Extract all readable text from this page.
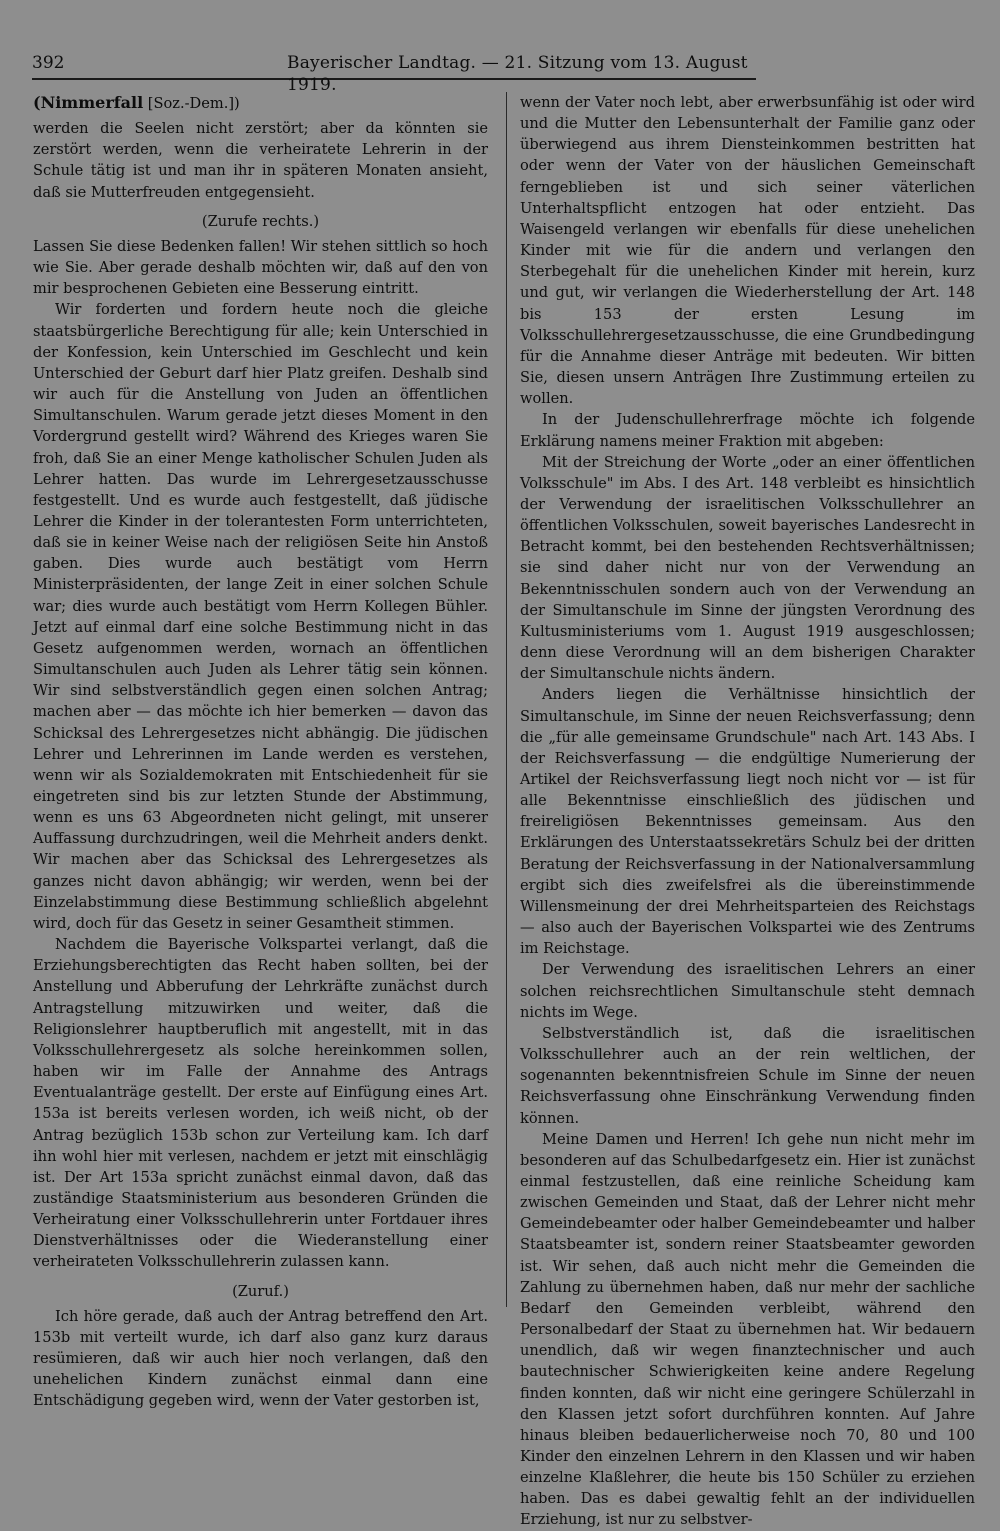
392	Bayerischer Landtag. — 21. Sitzung vom 13. August 1919.

(Nimmerfall [Soz.-Dem.])

werden die Seelen nicht zerstört; aber da könnten sie zerstört werden, wenn die verheiratete Lehrerin in der Schule tätig ist und man ihr in späteren Monaten ansieht, daß sie Mutterfreuden entgegensieht.

(Zurufe rechts.)

Lassen Sie diese Bedenken fallen! Wir stehen sittlich so hoch wie Sie. Aber gerade deshalb möchten wir, daß auf den von mir besprochenen Gebieten eine Besserung eintritt.

Wir forderten und fordern heute noch die gleiche staatsbürgerliche Berechtigung für alle; kein Unterschied in der Konfession, kein Unterschied im Geschlecht und kein Unterschied der Geburt darf hier Platz greifen. Deshalb sind wir auch für die Anstellung von Juden an öffentlichen Simultanschulen. Warum gerade jetzt dieses Moment in den Vordergrund gestellt wird? Während des Krieges waren Sie froh, daß Sie an einer Menge katholischer Schulen Juden als Lehrer hatten. Das wurde im Lehrergesetzausschusse festgestellt. Und es wurde auch festgestellt, daß jüdische Lehrer die Kinder in der tolerantesten Form unterrichteten, daß sie in keiner Weise nach der religiösen Seite hin Anstoß gaben. Dies wurde auch bestätigt vom Herrn Ministerpräsidenten, der lange Zeit in einer solchen Schule war; dies wurde auch bestätigt vom Herrn Kollegen Bühler. Jetzt auf einmal darf eine solche Bestimmung nicht in das Gesetz aufgenommen werden, wornach an öffentlichen Simultanschulen auch Juden als Lehrer tätig sein können. Wir sind selbstverständlich gegen einen solchen Antrag; machen aber — das möchte ich hier bemerken — davon das Schicksal des Lehrergesetzes nicht abhängig. Die jüdischen Lehrer und Lehrerinnen im Lande werden es verstehen, wenn wir als Sozialdemokraten mit Entschiedenheit für sie eingetreten sind bis zur letzten Stunde der Abstimmung, wenn es uns 63 Abgeordneten nicht gelingt, mit unserer Auffassung durchzudringen, weil die Mehrheit anders denkt. Wir machen aber das Schicksal des Lehrergesetzes als ganzes nicht davon abhängig; wir werden, wenn bei der Einzelabstimmung diese Bestimmung schließlich abgelehnt wird, doch für das Gesetz in seiner Gesamtheit stimmen.

Nachdem die Bayerische Volkspartei verlangt, daß die Erziehungsberechtigten das Recht haben sollten, bei der Anstellung und Abberufung der Lehrkräfte zunächst durch Antragstellung mitzuwirken und weiter, daß die Religionslehrer hauptberuflich mit angestellt, mit in das Volksschullehrergesetz als solche hereinkommen sollen, haben wir im Falle der Annahme des Antrags Eventualanträge gestellt. Der erste auf Einfügung eines Art. 153a ist bereits verlesen worden, ich weiß nicht, ob der Antrag bezüglich 153b schon zur Verteilung kam. Ich darf ihn wohl hier mit verlesen, nachdem er jetzt mit einschlägig ist. Der Art 153a spricht zunächst einmal davon, daß das zuständige Staatsministerium aus besonderen Gründen die Verheiratung einer Volksschullehrerin unter Fortdauer ihres Dienstverhältnisses oder die Wiederanstellung einer verheirateten Volksschullehrerin zulassen kann.

(Zuruf.)

Ich höre gerade, daß auch der Antrag betreffend den Art. 153b mit verteilt wurde, ich darf also ganz kurz daraus resümieren, daß wir auch hier noch verlangen, daß den unehelichen Kindern zunächst einmal dann eine Entschädigung gegeben wird, wenn der Vater gestorben ist,

wenn der Vater noch lebt, aber erwerbsunfähig ist oder wird und die Mutter den Lebensunterhalt der Familie ganz oder überwiegend aus ihrem Diensteinkommen bestritten hat oder wenn der Vater von der häuslichen Gemeinschaft ferngeblieben ist und sich seiner väterlichen Unterhaltspflicht entzogen hat oder entzieht. Das Waisengeld verlangen wir ebenfalls für diese unehelichen Kinder mit wie für die andern und verlangen den Sterbegehalt für die unehelichen Kinder mit herein, kurz und gut, wir verlangen die Wiederherstellung der Art. 148 bis 153 der ersten Lesung im Volksschullehrergesetzausschusse, die eine Grundbedingung für die Annahme dieser Anträge mit bedeuten. Wir bitten Sie, diesen unsern Anträgen Ihre Zustimmung erteilen zu wollen.

In der Judenschullehrerfrage möchte ich folgende Erklärung namens meiner Fraktion mit abgeben:

Mit der Streichung der Worte „oder an einer öffentlichen Volksschule" im Abs. I des Art. 148 verbleibt es hinsichtlich der Verwendung der israelitischen Volksschullehrer an öffentlichen Volksschulen, soweit bayerisches Landesrecht in Betracht kommt, bei den bestehenden Rechtsverhältnissen; sie sind daher nicht nur von der Verwendung an Bekenntnisschulen sondern auch von der Verwendung an der Simultanschule im Sinne der jüngsten Verordnung des Kultusministeriums vom 1. August 1919 ausgeschlossen; denn diese Verordnung will an dem bisherigen Charakter der Simultanschule nichts ändern.

Anders liegen die Verhältnisse hinsichtlich der Simultanschule, im Sinne der neuen Reichsverfassung; denn die „für alle gemeinsame Grundschule" nach Art. 143 Abs. I der Reichsverfassung — die endgültige Numerierung der Artikel der Reichsverfassung liegt noch nicht vor — ist für alle Bekenntnisse einschließlich des jüdischen und freireligiösen Bekenntnisses gemeinsam. Aus den Erklärungen des Unterstaatssekretärs Schulz bei der dritten Beratung der Reichsverfassung in der Nationalversammlung ergibt sich dies zweifelsfrei als die übereinstimmende Willensmeinung der drei Mehrheitsparteien des Reichstags — also auch der Bayerischen Volkspartei wie des Zentrums im Reichstage.

Der Verwendung des israelitischen Lehrers an einer solchen reichsrechtlichen Simultanschule steht demnach nichts im Wege.

Selbstverständlich ist, daß die israelitischen Volksschullehrer auch an der rein weltlichen, der sogenannten bekenntnisfreien Schule im Sinne der neuen Reichsverfassung ohne Einschränkung Verwendung finden können.

Meine Damen und Herren! Ich gehe nun nicht mehr im besonderen auf das Schulbedarfgesetz ein. Hier ist zunächst einmal festzustellen, daß eine reinliche Scheidung kam zwischen Gemeinden und Staat, daß der Lehrer nicht mehr Gemeindebeamter oder halber Gemeindebeamter und halber Staatsbeamter ist, sondern reiner Staatsbeamter geworden ist. Wir sehen, daß auch nicht mehr die Gemeinden die Zahlung zu übernehmen haben, daß nur mehr der sachliche Bedarf den Gemeinden verbleibt, während den Personalbedarf der Staat zu übernehmen hat. Wir bedauern unendlich, daß wir wegen finanztechnischer und auch bautechnischer Schwierigkeiten keine andere Regelung finden konnten, daß wir nicht eine geringere Schülerzahl in den Klassen jetzt sofort durchführen konnten. Auf Jahre hinaus bleiben bedauerlicherweise noch 70, 80 und 100 Kinder den einzelnen Lehrern in den Klassen und wir haben einzelne Klaßlehrer, die heute bis 150 Schüler zu erziehen haben. Das es dabei gewaltig fehlt an der individuellen Erziehung, ist nur zu selbstver-
